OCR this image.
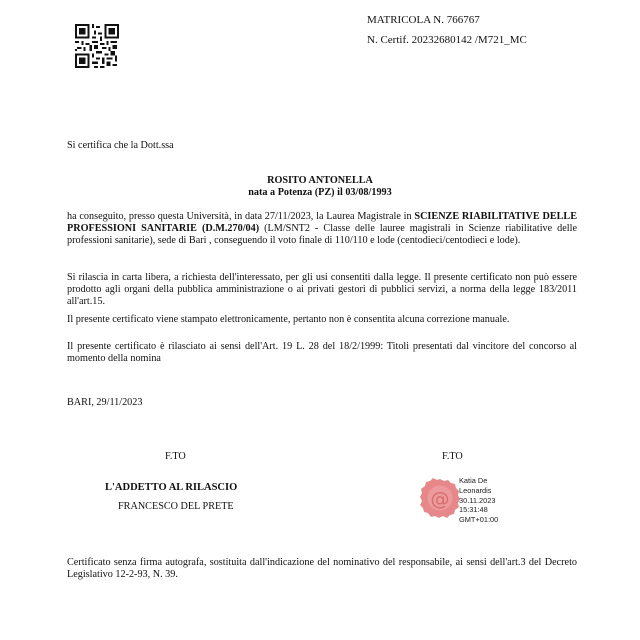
MATRICOLA N. 766767
N. Certif. 20232680142 /M721_MC
Si certifica che la Dott.ssa
ROSITO ANTONELLA
nata a Potenza (PZ) il 03/08/1993
ha conseguito, presso questa Università, in data 27/11/2023, la Laurea Magistrale in SCIENZE RIABILITATIVE DELLE PROFESSIONI SANITARIE (D.M.270/04) (LM/SNT2 - Classe delle lauree magistrali in Scienze riabilitative delle professioni sanitarie), sede di Bari , conseguendo il voto finale di 110/110 e lode (centodieci/centodieci e lode).
Si rilascia in carta libera, a richiesta dell'interessato, per gli usi consentiti dalla legge. Il presente certificato non può essere prodotto agli organi della pubblica amministrazione o ai privati gestori di pubblici servizi, a norma della legge 183/2011 all'art.15.
Il presente certificato viene stampato elettronicamente, pertanto non è consentita alcuna correzione manuale.
Il presente certificato è rilasciato ai sensi dell'Art. 19 L. 28 del 18/2/1999: Titoli presentati dal vincitore del concorso al momento della nomina
BARI, 29/11/2023
F.TO	F.TO
L'ADDETTO AL RILASCIO
FRANCESCO DEL PRETE	@
Katia De
Leonardis
30.11.2023
15:31:48
GMT+01:00
Certificato senza firma autografa, sostituita dall'indicazione del nominativo del responsabile, ai sensi dell'art.3 del Decreto Legislativo 12-2-93, N. 39.
